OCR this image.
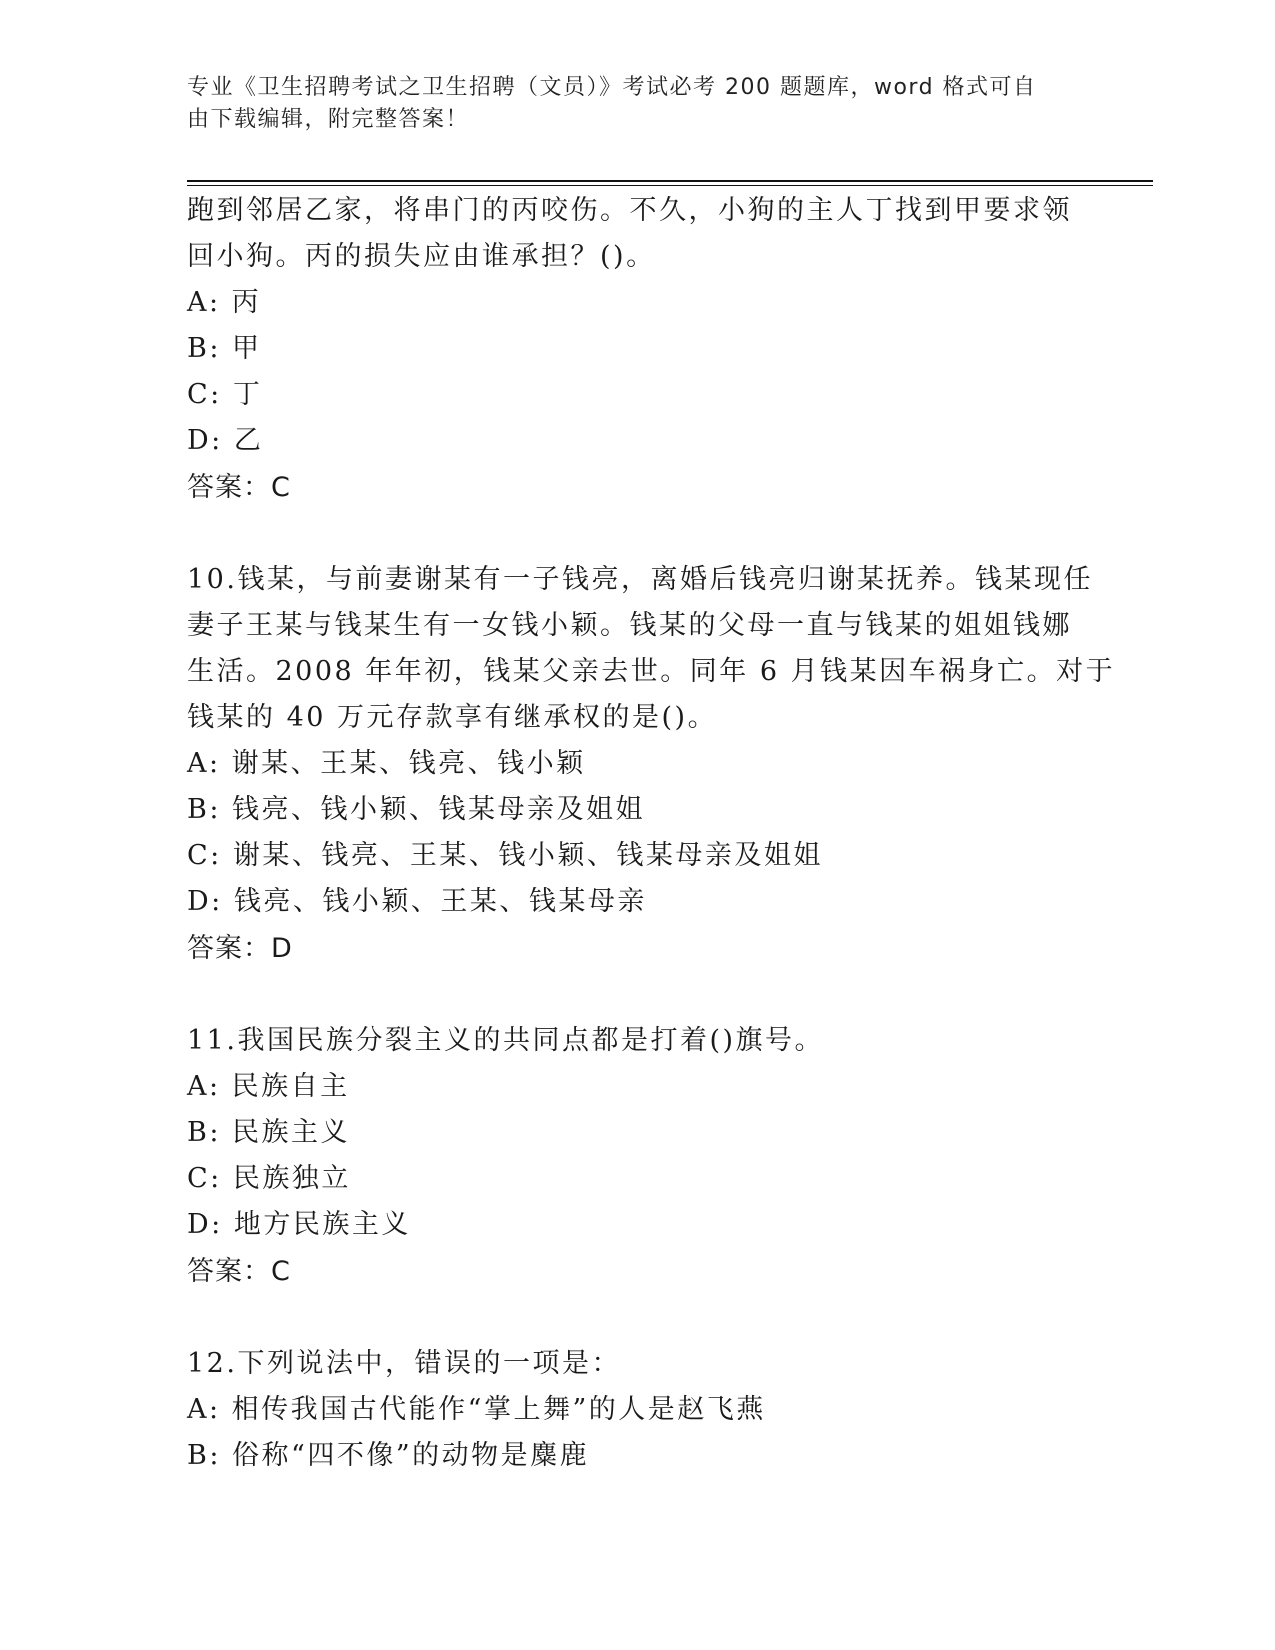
专业《卫生招聘考试之卫生招聘（文员）》考试必考 200 题题库，word 格式可自
由下载编辑，附完整答案！
跑到邻居乙家，将串门的丙咬伤。不久，小狗的主人丁找到甲要求领
回小狗。丙的损失应由谁承担？()。
A: 丙
B: 甲
C: 丁
D: 乙
答案：C
10.钱某，与前妻谢某有一子钱亮，离婚后钱亮归谢某抚养。钱某现任
妻子王某与钱某生有一女钱小颖。钱某的父母一直与钱某的姐姐钱娜
生活。2008 年年初，钱某父亲去世。同年 6 月钱某因车祸身亡。对于
钱某的 40 万元存款享有继承权的是()。
A: 谢某、王某、钱亮、钱小颖
B: 钱亮、钱小颖、钱某母亲及姐姐
C: 谢某、钱亮、王某、钱小颖、钱某母亲及姐姐
D: 钱亮、钱小颖、王某、钱某母亲
答案：D
11.我国民族分裂主义的共同点都是打着()旗号。
A: 民族自主
B: 民族主义
C: 民族独立
D: 地方民族主义
答案：C
12.下列说法中，错误的一项是：
A: 相传我国古代能作“掌上舞”的人是赵飞燕
B: 俗称“四不像”的动物是麋鹿
